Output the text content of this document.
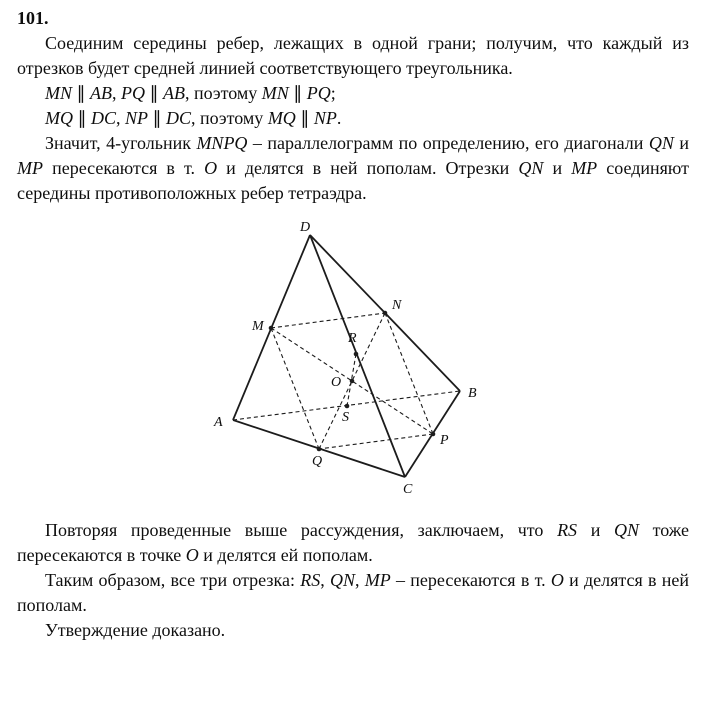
101.

Соединим середины ребер, лежащих в одной грани; получим, что каждый из отрезков будет средней линией соответствующего треугольника.

MN ∥ AB, PQ ∥ AB, поэтому MN ∥ PQ;

MQ ∥ DC, NP ∥ DC, поэтому MQ ∥ NP.

Значит, 4-угольник MNPQ – параллелограмм по определению, его диагонали QN и MP пересекаются в т. O и делятся в ней пополам. Отрезки QN и MP соединяют середины противоположных ребер тетраэдра.

D
A
B
C
M
N
R
O
S
P
Q

Повторяя проведенные выше рассуждения, заключаем, что RS и QN тоже пересекаются в точке O и делятся ей пополам.

Таким образом, все три отрезка: RS, QN, MP – пересекаются в т. O и делятся в ней пополам.

Утверждение доказано.
